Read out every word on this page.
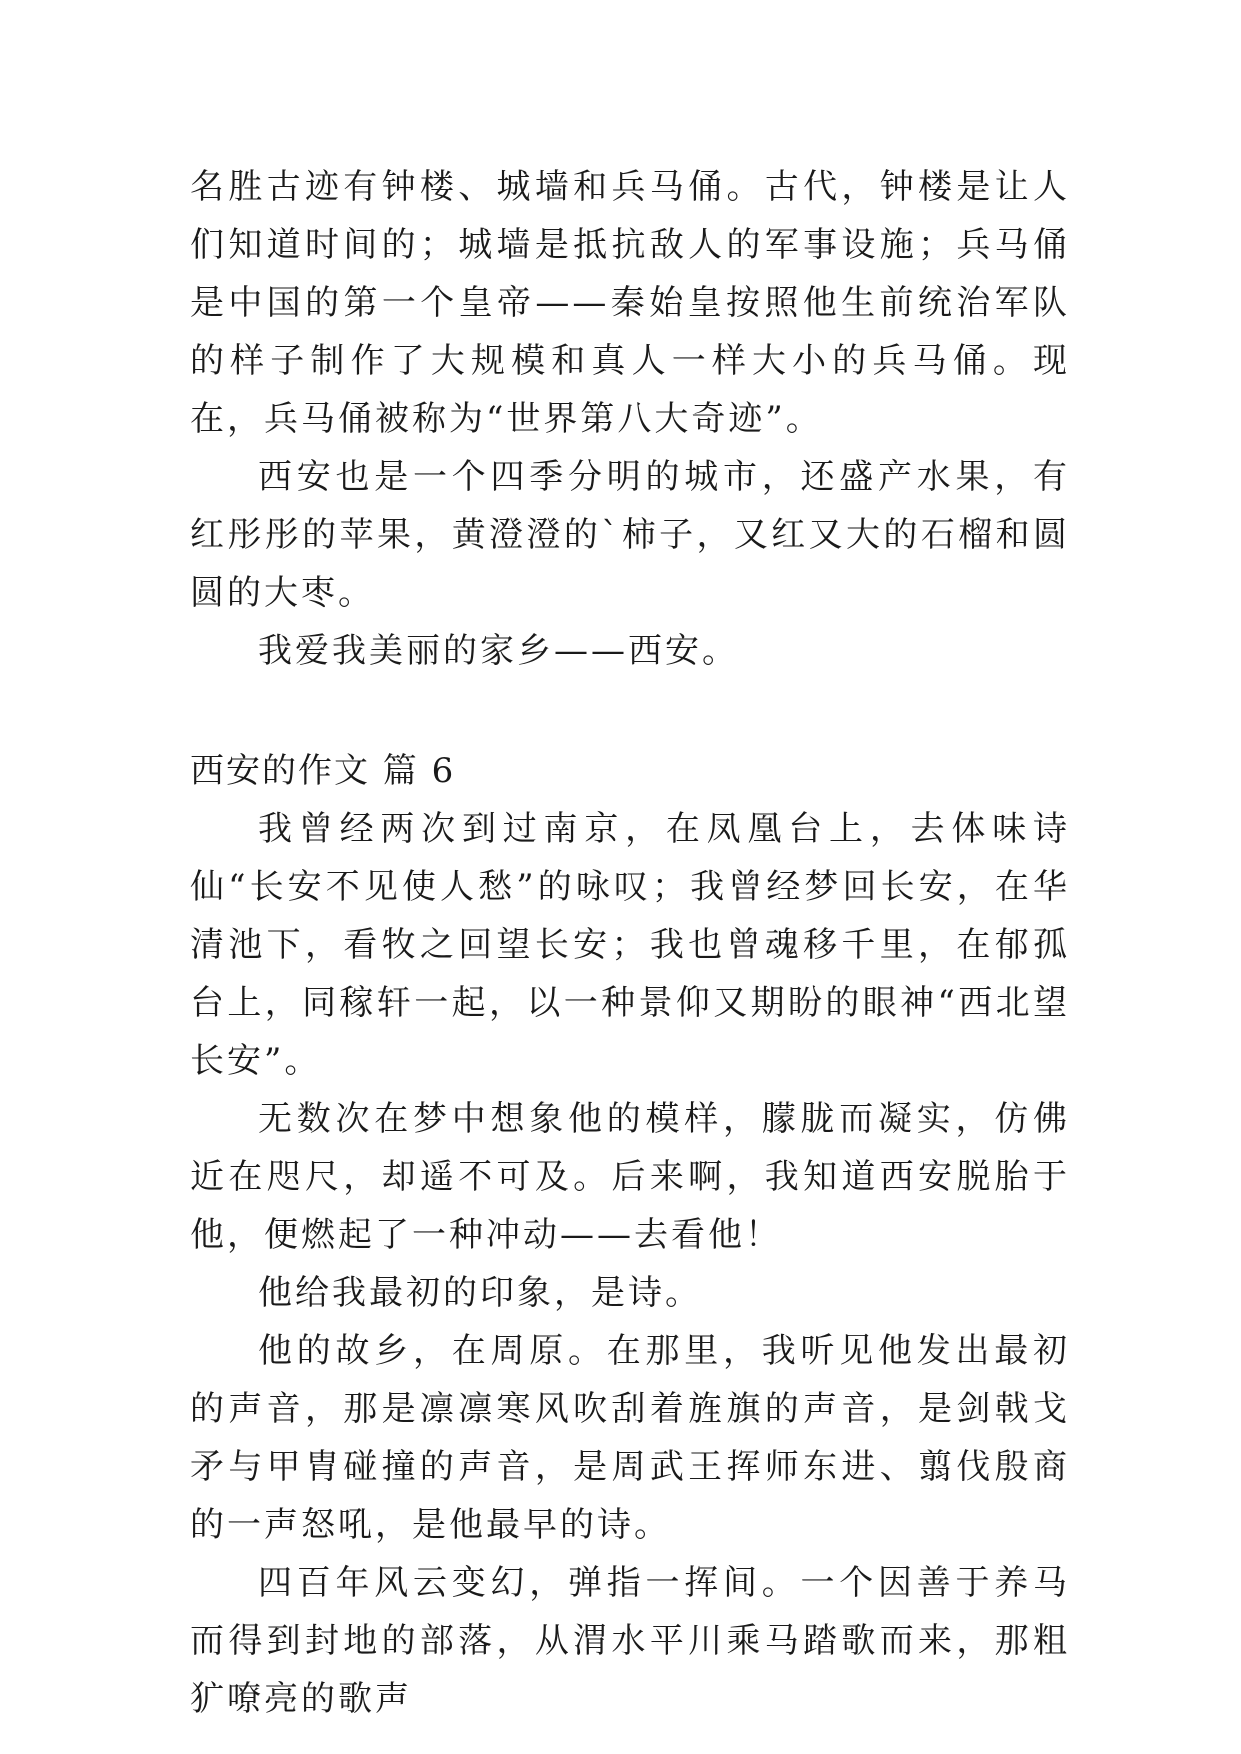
名胜古迹有钟楼、城墙和兵马俑。古代，钟楼是让人们知道时间的；城墙是抵抗敌人的军事设施；兵马俑是中国的第一个皇帝——秦始皇按照他生前统治军队的样子制作了大规模和真人一样大小的兵马俑。现在，兵马俑被称为“世界第八大奇迹”。

西安也是一个四季分明的城市，还盛产水果，有红彤彤的苹果，黄澄澄的`柿子，又红又大的石榴和圆圆的大枣。

我爱我美丽的家乡——西安。

西安的作文 篇 6

我曾经两次到过南京，在凤凰台上，去体味诗仙“长安不见使人愁”的咏叹；我曾经梦回长安，在华清池下，看牧之回望长安；我也曾魂移千里，在郁孤台上，同稼轩一起，以一种景仰又期盼的眼神“西北望长安”。

无数次在梦中想象他的模样，朦胧而凝实，仿佛近在咫尺，却遥不可及。后来啊，我知道西安脱胎于他，便燃起了一种冲动——去看他！

他给我最初的印象，是诗。

他的故乡，在周原。在那里，我听见他发出最初的声音，那是凛凛寒风吹刮着旌旗的声音，是剑戟戈矛与甲胄碰撞的声音，是周武王挥师东进、翦伐殷商的一声怒吼，是他最早的诗。

四百年风云变幻，弹指一挥间。一个因善于养马而得到封地的部落，从渭水平川乘马踏歌而来，那粗犷嘹亮的歌声
